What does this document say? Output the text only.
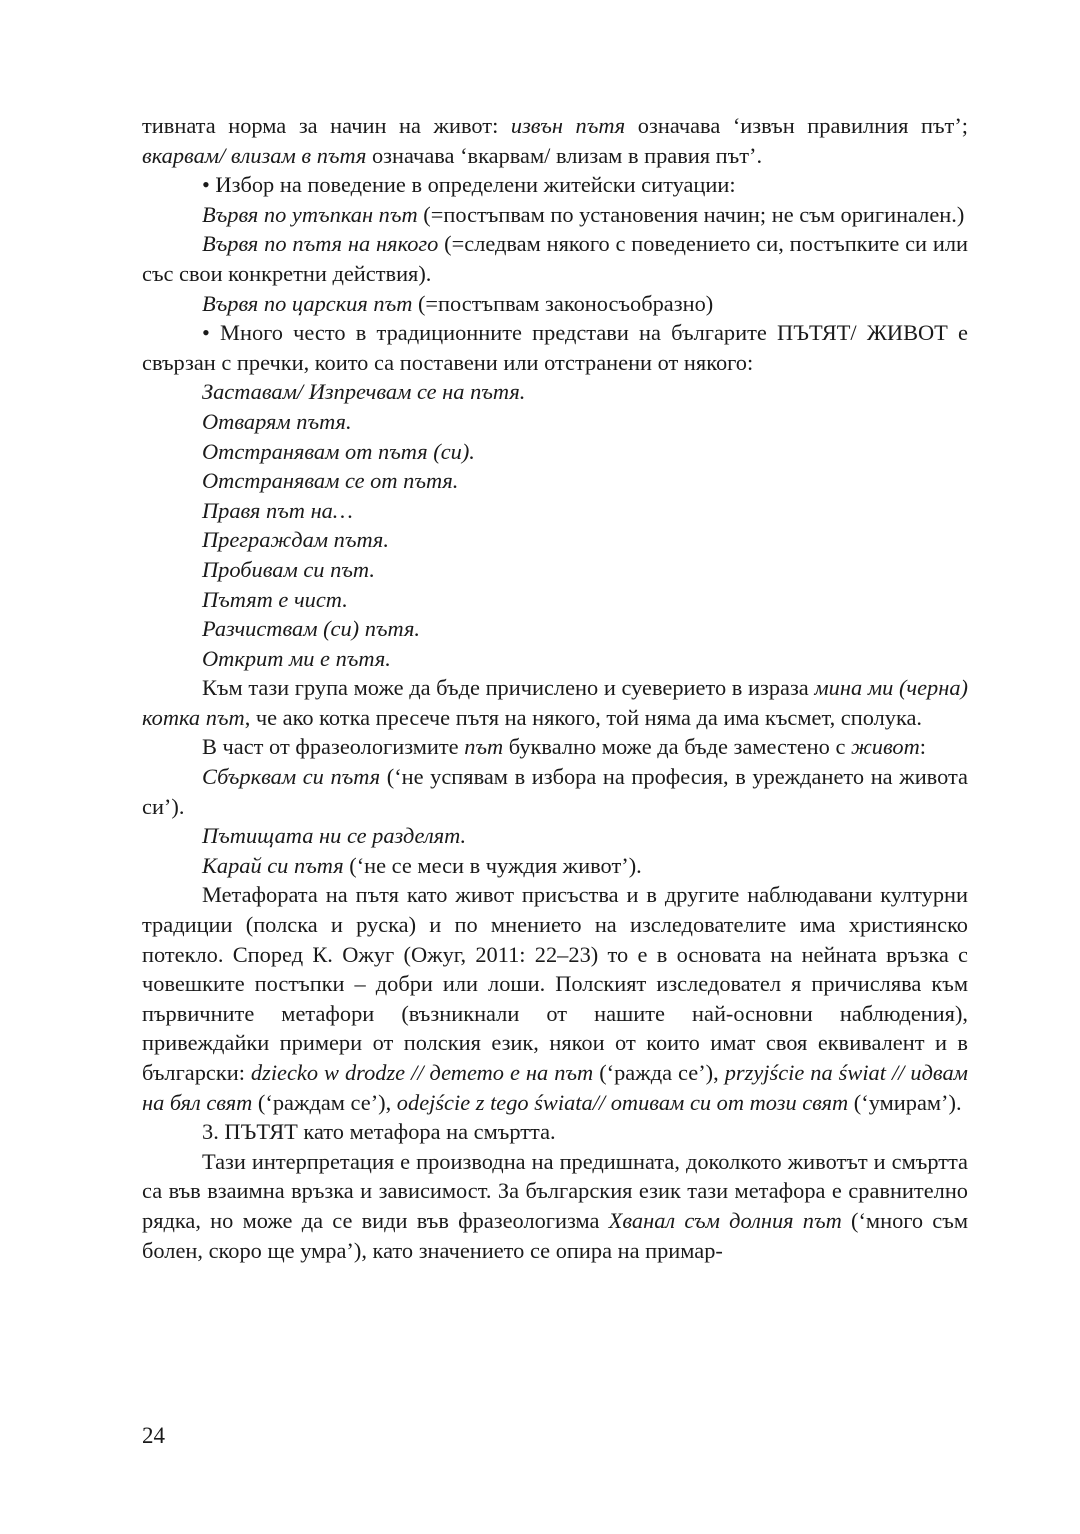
тивната норма за начин на живот: извън пътя означава ‘извън правилния път’; вкарвам/ влизам в пътя означава ‘вкарвам/ влизам в правия път’.

• Избор на поведение в определени житейски ситуации:

Вървя по утъпкан път (=постъпвам по установения начин; не съм оригинален.)

Вървя по пътя на някого (=следвам някого с поведението си, постъпките си или със свои конкретни действия).

Вървя по царския път (=постъпвам законосъобразно)

• Много често в традиционните представи на българите ПЪТЯТ/ ЖИВОТ е свързан с пречки, които са поставени или отстранени от някого:

Заставам/ Изпречвам се на пътя.

Отварям пътя.

Отстранявам от пътя (си).

Отстранявам се от пътя.

Правя път на…

Преграждам пътя.

Пробивам си път.

Пътят е чист.

Разчиствам (си) пътя.

Открит ми е пътя.

Към тази група може да бъде причислено и суеверието в израза мина ми (черна) котка път, че ако котка пресече пътя на някого, той няма да има късмет, сполука.

В част от фразеологизмите път буквално може да бъде заместено с живот:

Сбърквам си пътя (‘не успявам в избора на професия, в уреждането на живота си’).

Пътищата ни се разделят.

Карай си пътя (‘не се меси в чуждия живот’).

Метафората на пътя като живот присъства и в другите наблюдавани културни традиции (полска и руска) и по мнението на изследователите има християнско потекло. Според К. Ожуг (Ожуг, 2011: 22–23) то е в основата на нейната връзка с човешките постъпки – добри или лоши. Полският изследовател я причислява към първичните метафори (възникнали от нашите най-основни наблюдения), привеждайки примери от полския език, някои от които имат своя еквивалент и в български: dziecko w drodze // детето е на път (‘ражда се’), przyjście na świat // идвам на бял свят (‘раждам се’), odejście z tego świata// отивам си от този свят (‘умирам’).

3. ПЪТЯТ като метафора на смъртта.

Тази интерпретация е производна на предишната, доколкото животът и смъртта са във взаимна връзка и зависимост. За българския език тази метафора е сравнително рядка, но може да се види във фразеологизма Хванал съм долния път (‘много съм болен, скоро ще умра’), като значението се опира на примар-

24
